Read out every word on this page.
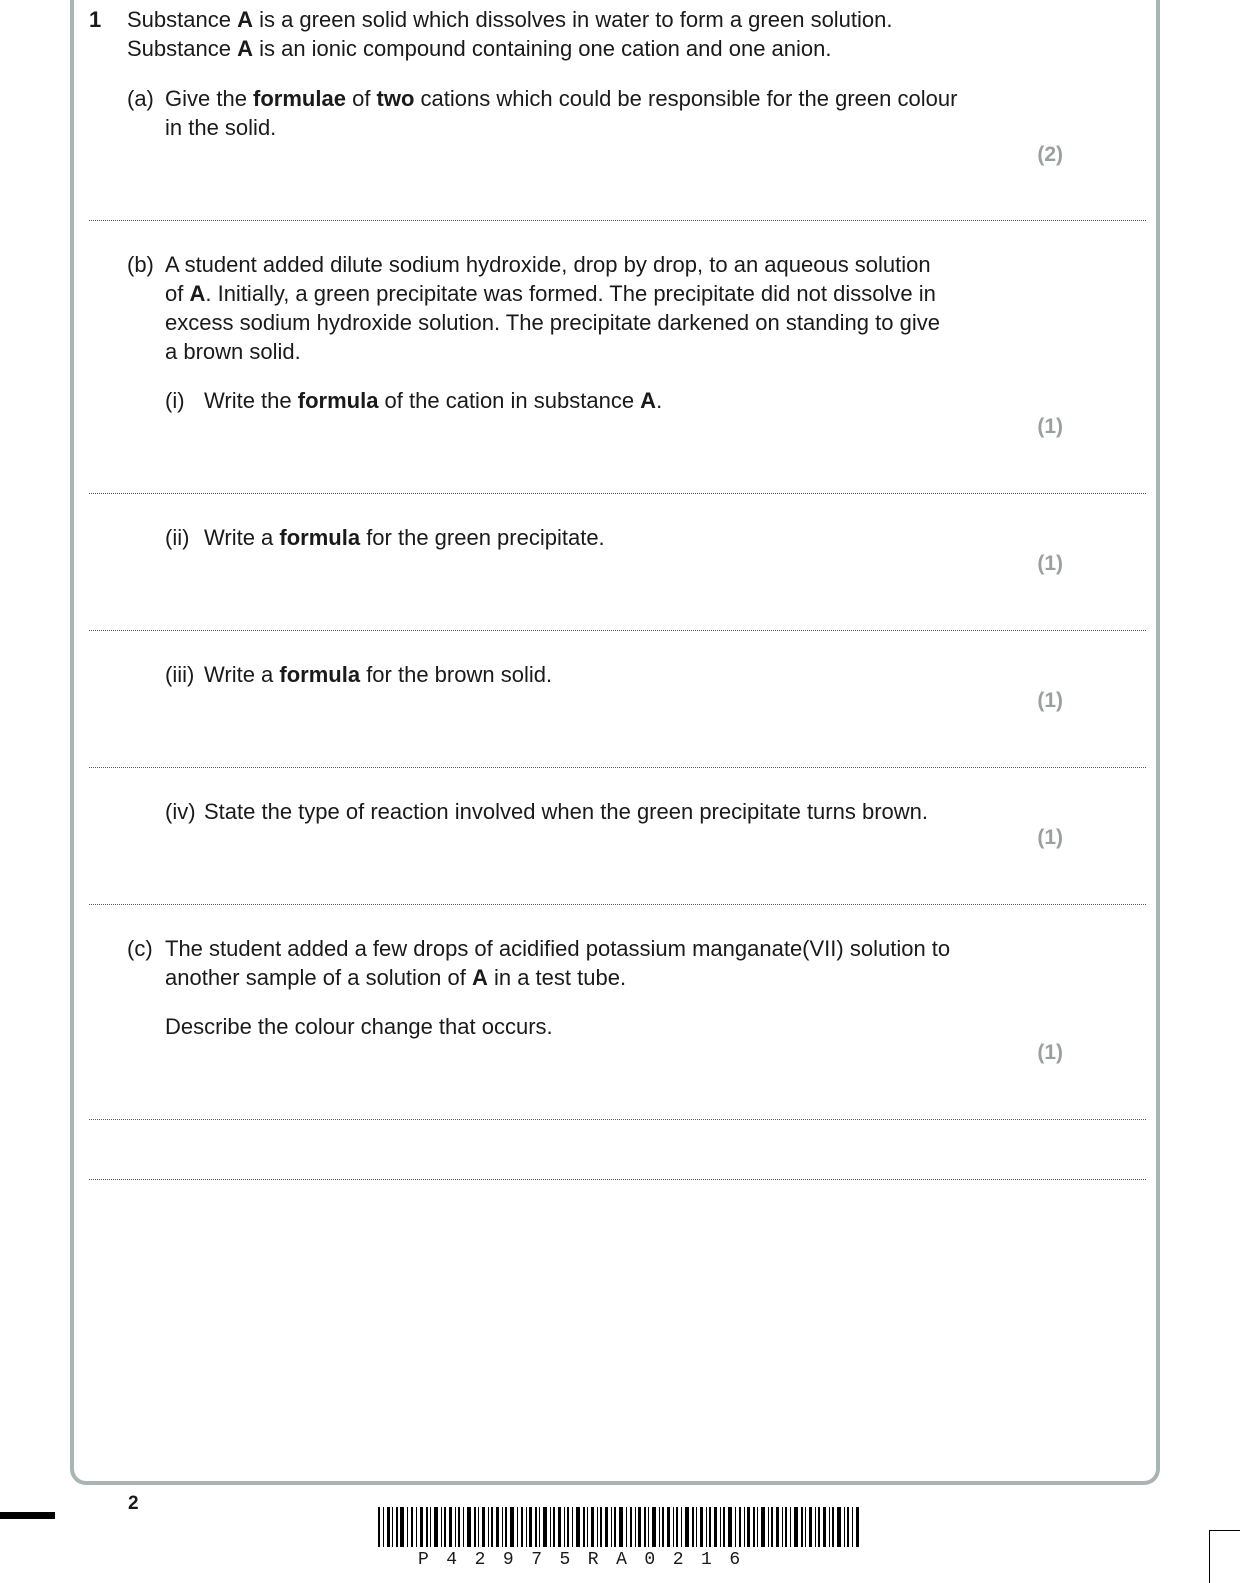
1 Substance A is a green solid which dissolves in water to form a green solution.
Substance A is an ionic compound containing one cation and one anion.
(a) Give the formulae of two cations which could be responsible for the green colour
in the solid.
(2)
(b) A student added dilute sodium hydroxide, drop by drop, to an aqueous solution
of A. Initially, a green precipitate was formed. The precipitate did not dissolve in
excess sodium hydroxide solution. The precipitate darkened on standing to give
a brown solid.
(i) Write the formula of the cation in substance A.
(1)
(ii) Write a formula for the green precipitate.
(1)
(iii) Write a formula for the brown solid.
(1)
(iv) State the type of reaction involved when the green precipitate turns brown.
(1)
(c) The student added a few drops of acidified potassium manganate(VII) solution to
another sample of a solution of A in a test tube.
Describe the colour change that occurs.
(1)
2
P42975RA0216
